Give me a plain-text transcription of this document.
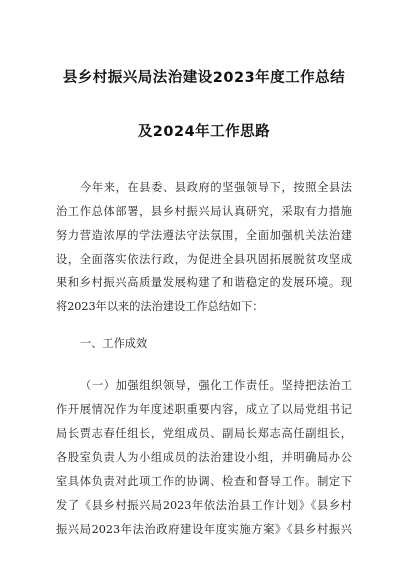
县乡村振兴局法治建设2023年度工作总结
及2024年工作思路
今年来，在县委、县政府的坚强领导下，按照全县法
治工作总体部署，县乡村振兴局认真研究，采取有力措施
努力营造浓厚的学法遵法守法氛围，全面加强机关法治建
设，全面落实依法行政，为促进全县巩固拓展脱贫攻坚成
果和乡村振兴高质量发展构建了和谐稳定的发展环境。现
将2023年以来的法治建设工作总结如下：
一、工作成效
（一）加强组织领导，强化工作责任。坚持把法治工
作开展情况作为年度述职重要内容，成立了以局党组书记
局长贾志春任组长，党组成员、副局长郑志高任副组长，
各股室负责人为小组成员的法治建设小组，并明确局办公
室具体负责对此项工作的协调、检查和督导工作。制定下
发了《县乡村振兴局2023年依法治县工作计划》《县乡村
振兴局2023年法治政府建设年度实施方案》《县乡村振兴
